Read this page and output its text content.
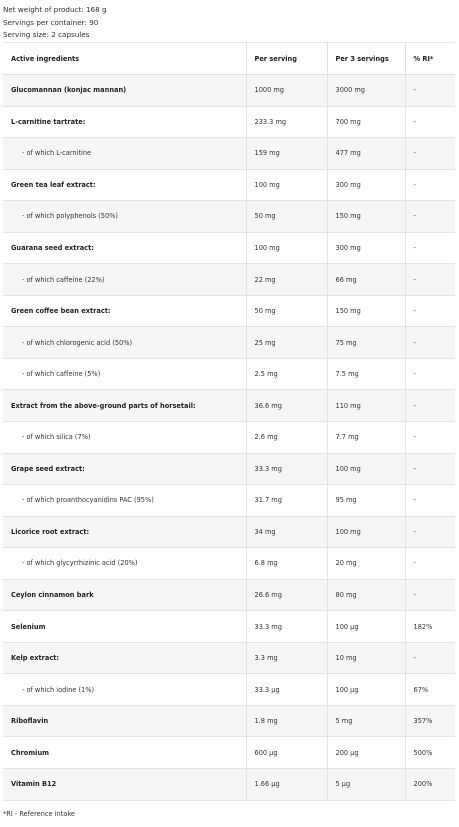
Net weight of product: 168 g
Servings per container: 90
Serving size: 2 capsules
Active ingredients	Per serving	Per 3 servings	% RI*
Glucomannan (konjac mannan)	1000 mg	3000 mg	-
L-carnitine tartrate:	233.3 mg	700 mg	-
- of which L-carnitine	159 mg	477 mg	-
Green tea leaf extract:	100 mg	300 mg	-
- of which polyphenols (50%)	50 mg	150 mg	-
Guarana seed extract:	100 mg	300 mg	-
- of which caffeine (22%)	22 mg	66 mg	-
Green coffee bean extract:	50 mg	150 mg	-
- of which chlorogenic acid (50%)	25 mg	75 mg	-
- of which caffeine (5%)	2.5 mg	7.5 mg	-
Extract from the above-ground parts of horsetail:	36.6 mg	110 mg	-
- of which silica (7%)	2.6 mg	7.7 mg	-
Grape seed extract:	33.3 mg	100 mg	-
- of which proanthocyanidins PAC (95%)	31.7 mg	95 mg	-
Licorice root extract:	34 mg	100 mg	-
- of which glycyrrhizinic acid (20%)	6.8 mg	20 mg	-
Ceylon cinnamon bark	26.6 mg	80 mg	-
Selenium	33.3 mg	100 µg	182%
Kelp extract:	3.3 mg	10 mg	-
- of which iodine (1%)	33.3 µg	100 µg	67%
Riboflavin	1.8 mg	5 mg	357%
Chromium	600 µg	200 µg	500%
Vitamin B12	1.66 µg	5 µg	200%
*RI - Reference intake
